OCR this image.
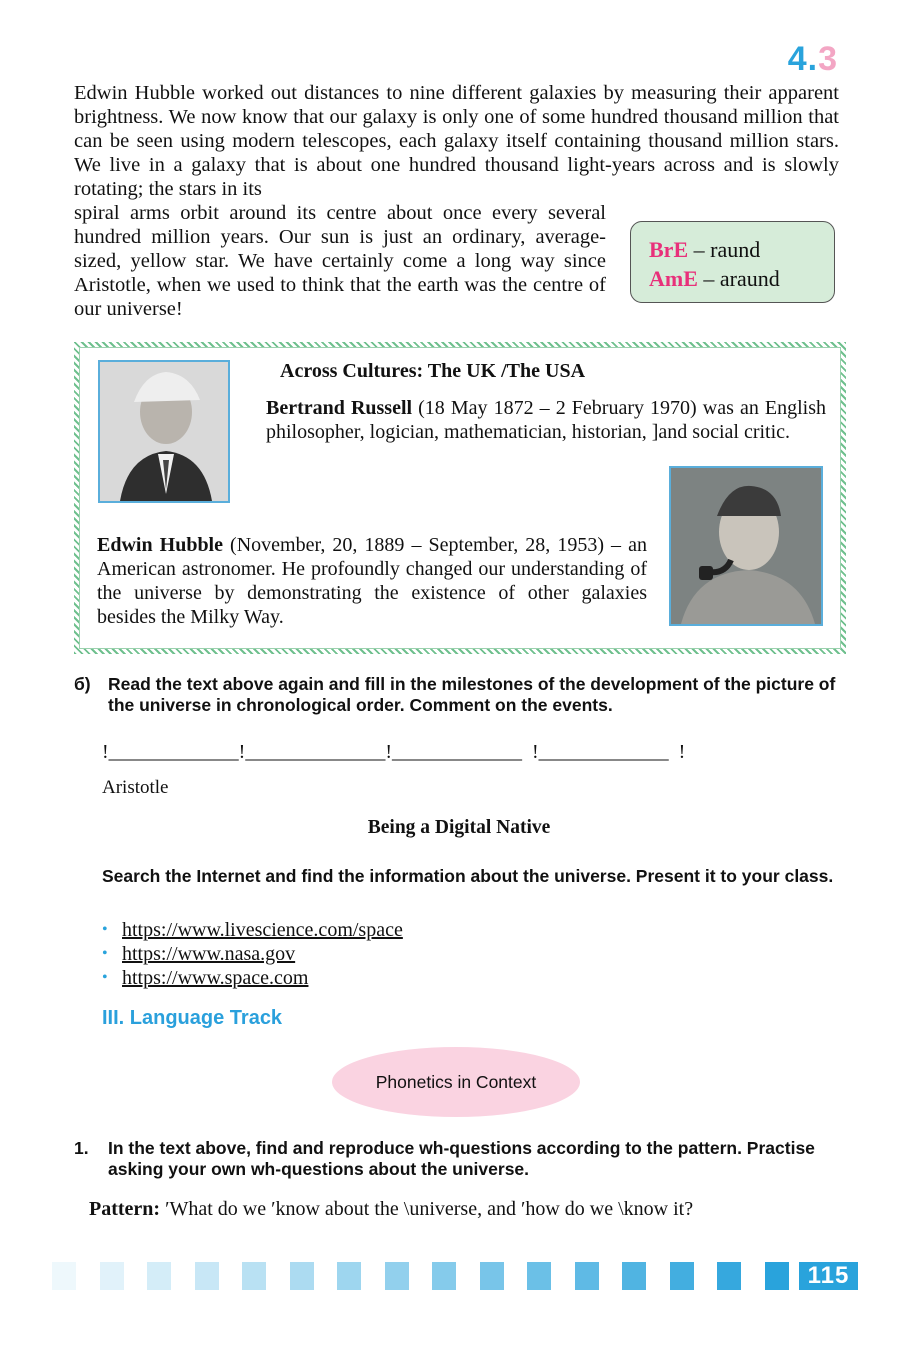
4.3
Edwin Hubble worked out distances to nine different galaxies by measuring their apparent brightness. We now know that our galaxy is only one of some hundred thousand million that can be seen using modern telescopes, each galaxy itself containing thousand million stars. We live in a galaxy that is about one hundred thousand light-years across and is slowly rotating; the stars in its
spiral arms orbit around its centre about once every several hundred million years. Our sun is just an ordinary, average-sized, yellow star. We have certainly come a long way since Aristotle, when we used to think that the earth was the centre of our universe!
BrE – raund
AmE – araund
Across Cultures: The UK /The USA
Bertrand Russell (18 May 1872 – 2 February 1970) was an English philosopher, logician, mathematician, historian, ]and social critic.
Edwin Hubble (November, 20, 1889 – September, 28, 1953) – an American astronomer. He profoundly changed our understanding of the universe by demonstrating the existence of other galaxies besides the Milky Way.
б) Read the text above again and fill in the milestones of the development of the picture of the universe in chronological order. Comment on the events.
!_____________!______________!_____________  !_____________  !
Aristotle
Being a Digital Native
Search the Internet and find the information about the universe. Present it to your class.
• https://www.livescience.com/space
• https://www.nasa.gov
• https://www.space.com
III. Language Track
Phonetics in Context
1. In the text above, find and reproduce wh-questions according to the pattern. Practise asking your own wh-questions about the universe.
Pattern: ′What do we ′know about the \universe, and ′how do we \know it?
115
